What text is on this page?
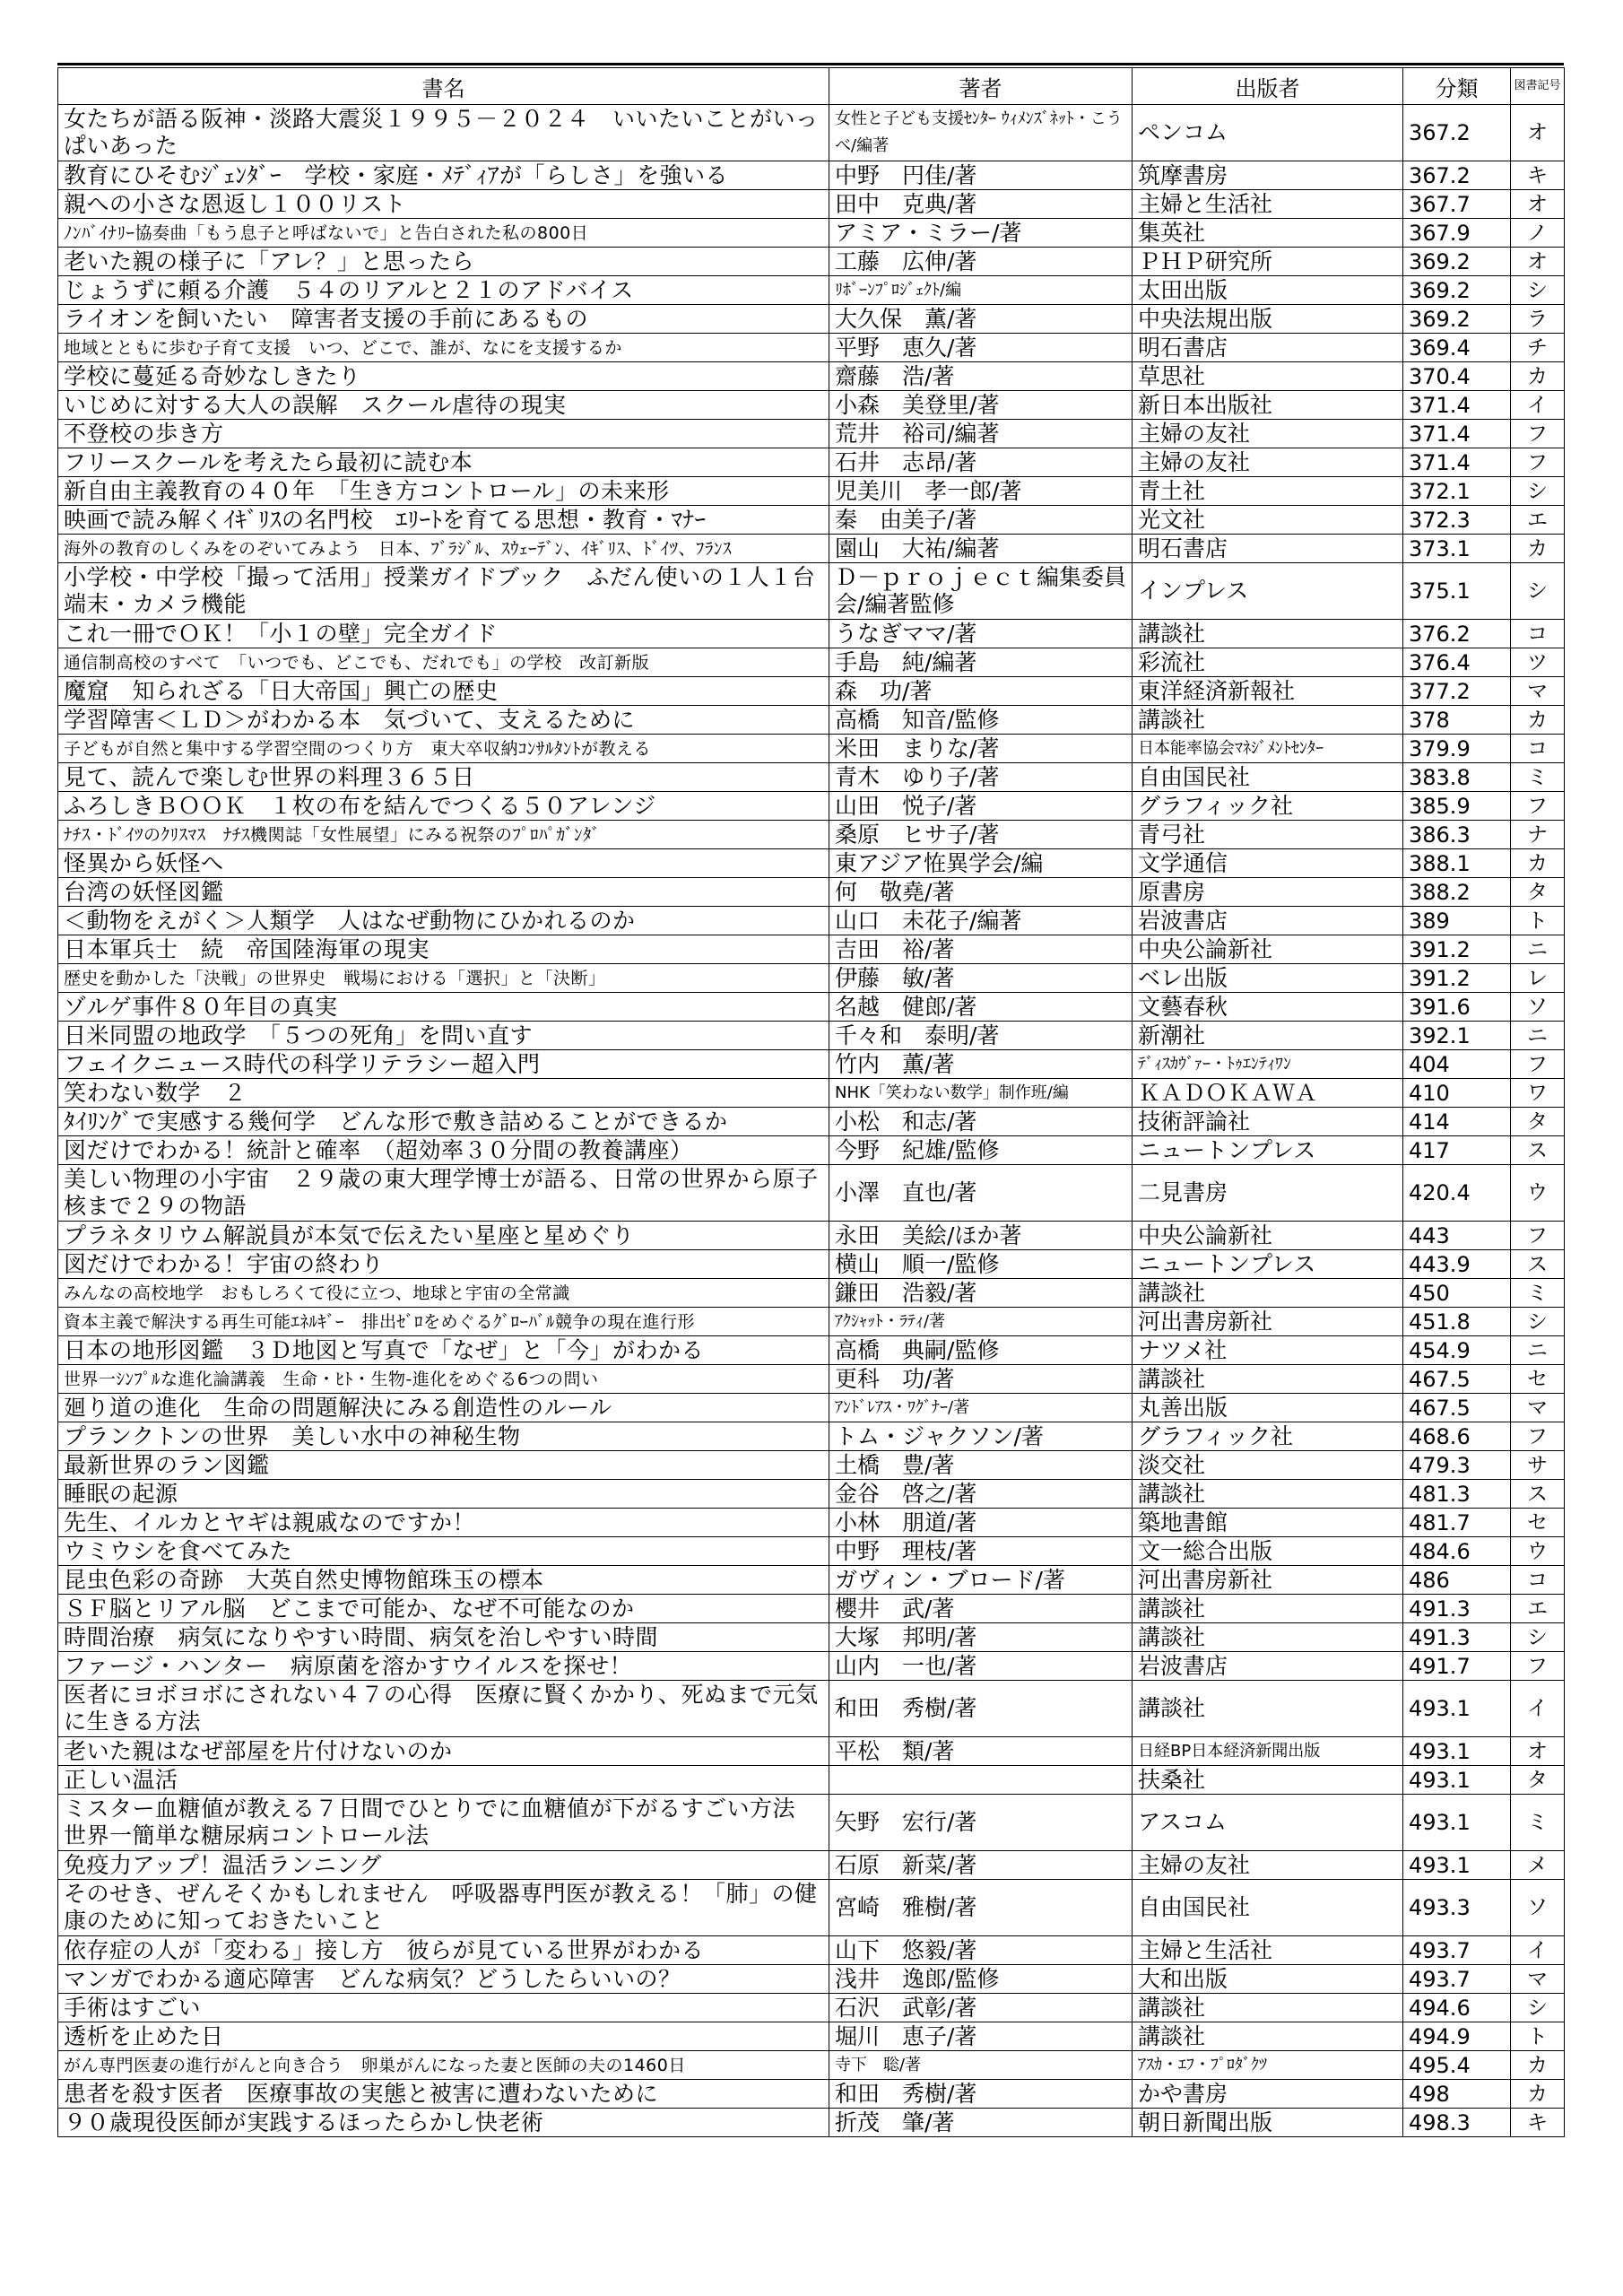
書名	著者	出版者	分類	図書記号
女たちが語る阪神・淡路大震災１９９５－２０２４　いいたいことがいっぱいあった	女性と子ども支援ｾﾝﾀｰ ｳｨﾒﾝｽﾞﾈｯﾄ・こうべ/編著	ペンコム	367.2	オ
教育にひそむｼﾞｪﾝﾀﾞｰ　学校・家庭・ﾒﾃﾞｨｱが「らしさ」を強いる	中野　円佳/著	筑摩書房	367.2	キ
親への小さな恩返し１００リスト	田中　克典/著	主婦と生活社	367.7	オ
ﾉﾝﾊﾞｲﾅﾘｰ協奏曲「もう息子と呼ばないで」と告白された私の800日	アミア・ミラー/著	集英社	367.9	ノ
老いた親の様子に「アレ？」と思ったら	工藤　広伸/著	ＰＨＰ研究所	369.2	オ
じょうずに頼る介護　５４のリアルと２１のアドバイス	ﾘﾎﾞｰﾝﾌﾟﾛｼﾞｪｸﾄ/編	太田出版	369.2	シ
ライオンを飼いたい　障害者支援の手前にあるもの	大久保　薫/著	中央法規出版	369.2	ラ
地域とともに歩む子育て支援　いつ、どこで、誰が、なにを支援するか	平野　恵久/著	明石書店	369.4	チ
学校に蔓延る奇妙なしきたり	齋藤　浩/著	草思社	370.4	カ
いじめに対する大人の誤解　スクール虐待の現実	小森　美登里/著	新日本出版社	371.4	イ
不登校の歩き方	荒井　裕司/編著	主婦の友社	371.4	フ
フリースクールを考えたら最初に読む本	石井　志昂/著	主婦の友社	371.4	フ
新自由主義教育の４０年　「生き方コントロール」の未来形	児美川　孝一郎/著	青土社	372.1	シ
映画で読み解くｲｷﾞﾘｽの名門校　ｴﾘｰﾄを育てる思想・教育・ﾏﾅｰ	秦　由美子/著	光文社	372.3	エ
海外の教育のしくみをのぞいてみよう　日本、ﾌﾞﾗｼﾞﾙ、ｽｳｪｰﾃﾞﾝ、ｲｷﾞﾘｽ、ﾄﾞｲﾂ、ﾌﾗﾝｽ	園山　大祐/編著	明石書店	373.1	カ
小学校・中学校「撮って活用」授業ガイドブック　ふだん使いの１人１台端末・カメラ機能	Ｄ－ｐｒｏｊｅｃｔ編集委員会/編著監修	インプレス	375.1	シ
これ一冊でＯＫ！「小１の壁」完全ガイド	うなぎママ/著	講談社	376.2	コ
通信制高校のすべて　「いつでも、どこでも、だれでも」の学校　改訂新版	手島　純/編著	彩流社	376.4	ツ
魔窟　知られざる「日大帝国」興亡の歴史	森　功/著	東洋経済新報社	377.2	マ
学習障害＜ＬＤ＞がわかる本　気づいて、支えるために	高橋　知音/監修	講談社	378	カ
子どもが自然と集中する学習空間のつくり方　東大卒収納ｺﾝｻﾙﾀﾝﾄが教える	米田　まりな/著	日本能率協会ﾏﾈｼﾞﾒﾝﾄｾﾝﾀｰ	379.9	コ
見て、読んで楽しむ世界の料理３６５日	青木　ゆり子/著	自由国民社	383.8	ミ
ふろしきＢＯＯＫ　１枚の布を結んでつくる５０アレンジ	山田　悦子/著	グラフィック社	385.9	フ
ﾅﾁｽ・ﾄﾞｲﾂのｸﾘｽﾏｽ　ﾅﾁｽ機関誌「女性展望」にみる祝祭のﾌﾟﾛﾊﾟｶﾞﾝﾀﾞ	桑原　ヒサ子/著	青弓社	386.3	ナ
怪異から妖怪へ	東アジア恠異学会/編	文学通信	388.1	カ
台湾の妖怪図鑑	何　敬堯/著	原書房	388.2	タ
＜動物をえがく＞人類学　人はなぜ動物にひかれるのか	山口　未花子/編著	岩波書店	389	ト
日本軍兵士　続　帝国陸海軍の現実	吉田　裕/著	中央公論新社	391.2	ニ
歴史を動かした「決戦」の世界史　戦場における「選択」と「決断」	伊藤　敏/著	ベレ出版	391.2	レ
ゾルゲ事件８０年目の真実	名越　健郎/著	文藝春秋	391.6	ソ
日米同盟の地政学　「５つの死角」を問い直す	千々和　泰明/著	新潮社	392.1	ニ
フェイクニュース時代の科学リテラシー超入門	竹内　薫/著	ﾃﾞｨｽｶｳﾞｧｰ・ﾄｩｴﾝﾃｨﾜﾝ	404	フ
笑わない数学　２	NHK「笑わない数学」制作班/編	ＫＡＤＯＫＡＷＡ	410	ワ
ﾀｲﾘﾝｸﾞで実感する幾何学　どんな形で敷き詰めることができるか	小松　和志/著	技術評論社	414	タ
図だけでわかる！統計と確率　（超効率３０分間の教養講座）	今野　紀雄/監修	ニュートンプレス	417	ス
美しい物理の小宇宙　２９歳の東大理学博士が語る、日常の世界から原子核まで２９の物語	小澤　直也/著	二見書房	420.4	ウ
プラネタリウム解説員が本気で伝えたい星座と星めぐり	永田　美絵/ほか著	中央公論新社	443	フ
図だけでわかる！宇宙の終わり	横山　順一/監修	ニュートンプレス	443.9	ス
みんなの高校地学　おもしろくて役に立つ、地球と宇宙の全常識	鎌田　浩毅/著	講談社	450	ミ
資本主義で解決する再生可能ｴﾈﾙｷﾞｰ　排出ｾﾞﾛをめぐるｸﾞﾛｰﾊﾞﾙ競争の現在進行形	ｱｸｼｬｯﾄ・ﾗﾃｨ/著	河出書房新社	451.8	シ
日本の地形図鑑　３Ｄ地図と写真で「なぜ」と「今」がわかる	高橋　典嗣/監修	ナツメ社	454.9	ニ
世界一ｼﾝﾌﾟﾙな進化論講義　生命・ﾋﾄ・生物-進化をめぐる6つの問い	更科　功/著	講談社	467.5	セ
廻り道の進化　生命の問題解決にみる創造性のルール	ｱﾝﾄﾞﾚｱｽ・ﾜｸﾞﾅｰ/著	丸善出版	467.5	マ
プランクトンの世界　美しい水中の神秘生物	トム・ジャクソン/著	グラフィック社	468.6	フ
最新世界のラン図鑑	土橋　豊/著	淡交社	479.3	サ
睡眠の起源	金谷　啓之/著	講談社	481.3	ス
先生、イルカとヤギは親戚なのですか！	小林　朋道/著	築地書館	481.7	セ
ウミウシを食べてみた	中野　理枝/著	文一総合出版	484.6	ウ
昆虫色彩の奇跡　大英自然史博物館珠玉の標本	ガヴィン・ブロード/著	河出書房新社	486	コ
ＳＦ脳とリアル脳　どこまで可能か、なぜ不可能なのか	櫻井　武/著	講談社	491.3	エ
時間治療　病気になりやすい時間、病気を治しやすい時間	大塚　邦明/著	講談社	491.3	シ
ファージ・ハンター　病原菌を溶かすウイルスを探せ！	山内　一也/著	岩波書店	491.7	フ
医者にヨボヨボにされない４７の心得　医療に賢くかかり、死ぬまで元気に生きる方法	和田　秀樹/著	講談社	493.1	イ
老いた親はなぜ部屋を片付けないのか	平松　類/著	日経BP日本経済新聞出版	493.1	オ
正しい温活		扶桑社	493.1	タ
ミスター血糖値が教える７日間でひとりでに血糖値が下がるすごい方法　世界一簡単な糖尿病コントロール法	矢野　宏行/著	アスコム	493.1	ミ
免疫力アップ！温活ランニング	石原　新菜/著	主婦の友社	493.1	メ
そのせき、ぜんそくかもしれません　呼吸器専門医が教える！「肺」の健康のために知っておきたいこと	宮崎　雅樹/著	自由国民社	493.3	ソ
依存症の人が「変わる」接し方　彼らが見ている世界がわかる	山下　悠毅/著	主婦と生活社	493.7	イ
マンガでわかる適応障害　どんな病気？どうしたらいいの？	浅井　逸郎/監修	大和出版	493.7	マ
手術はすごい	石沢　武彰/著	講談社	494.6	シ
透析を止めた日	堀川　恵子/著	講談社	494.9	ト
がん専門医妻の進行がんと向き合う　卵巣がんになった妻と医師の夫の1460日	寺下　聡/著	ｱｽｶ・ｴﾌ・ﾌﾟﾛﾀﾞｸﾂ	495.4	カ
患者を殺す医者　医療事故の実態と被害に遭わないために	和田　秀樹/著	かや書房	498	カ
９０歳現役医師が実践するほったらかし快老術	折茂　肇/著	朝日新聞出版	498.3	キ
